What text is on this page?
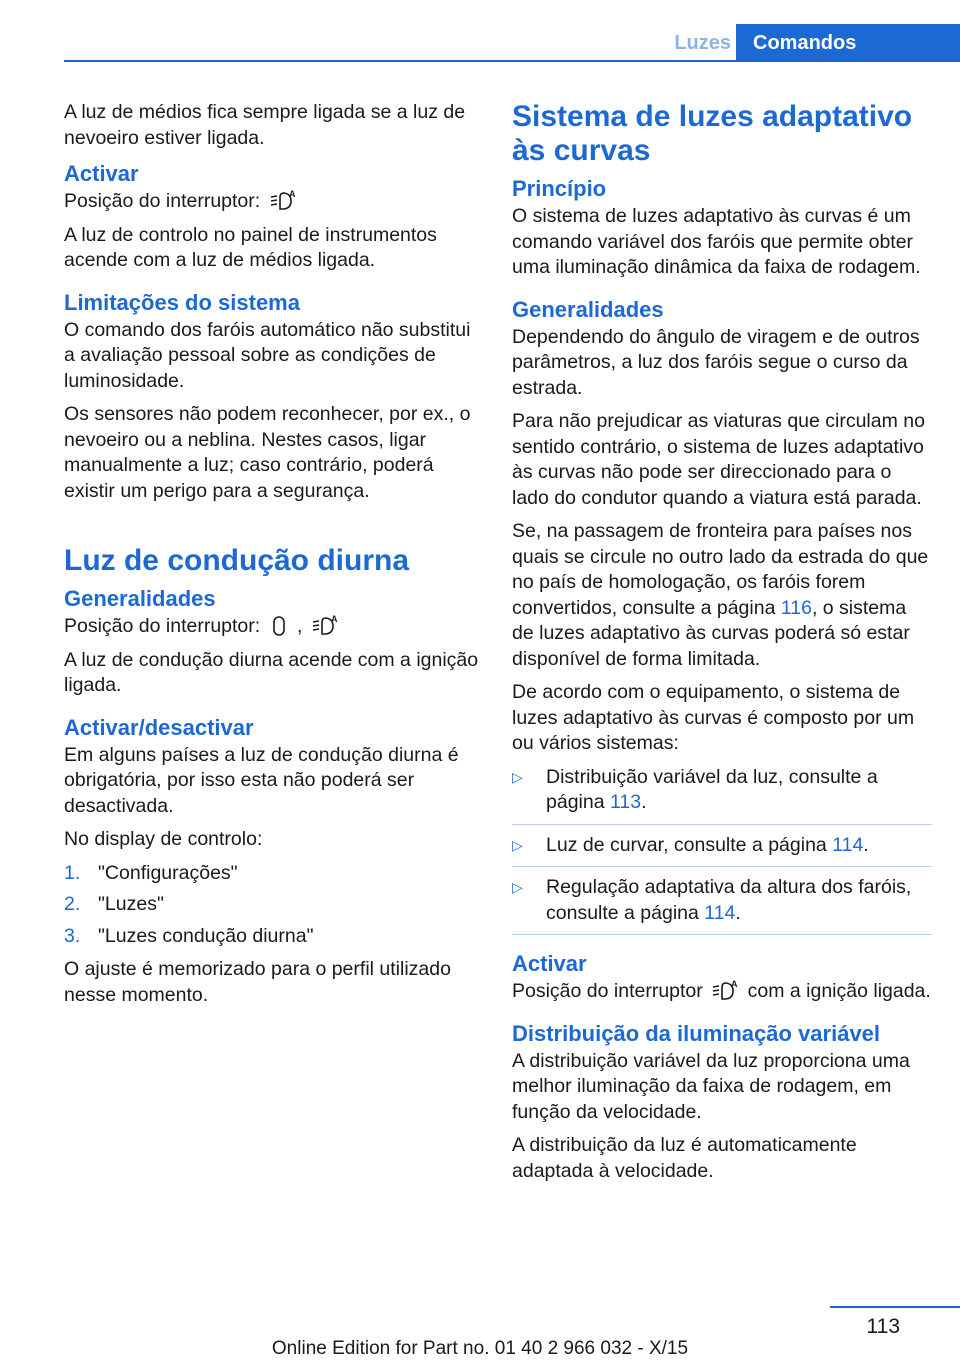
Luzes	Comandos

A luz de médios fica sempre ligada se a luz de nevoeiro estiver ligada.

Activar

Posição do interruptor:	A

A luz de controlo no painel de instrumentos acende com a luz de médios ligada.

Limitações do sistema

O comando dos faróis automático não substitui a avaliação pessoal sobre as condições de luminosidade.

Os sensores não podem reconhecer, por ex., o nevoeiro ou a neblina. Nestes casos, ligar manualmente a luz; caso contrário, poderá existir um perigo para a segurança.

Luz de condução diurna
Generalidades

Posição do interruptor: ,	A

A luz de condução diurna acende com a ignição ligada.

Activar/desactivar

Em alguns países a luz de condução diurna é obrigatória, por isso esta não poderá ser desactivada.

No display de controlo:

1. "Configurações"
2. "Luzes"
3. "Luzes condução diurna"

O ajuste é memorizado para o perfil utilizado nesse momento.

Sistema de luzes adaptativo às curvas
Princípio

O sistema de luzes adaptativo às curvas é um comando variável dos faróis que permite obter uma iluminação dinâmica da faixa de rodagem.

Generalidades

Dependendo do ângulo de viragem e de outros parâmetros, a luz dos faróis segue o curso da estrada.

Para não prejudicar as viaturas que circulam no sentido contrário, o sistema de luzes adaptativo às curvas não pode ser direccionado para o lado do condutor quando a viatura está parada.

Se, na passagem de fronteira para países nos quais se circule no outro lado da estrada do que no país de homologação, os faróis forem convertidos, consulte a página 116, o sistema de luzes adaptativo às curvas poderá só estar disponível de forma limitada.

De acordo com o equipamento, o sistema de luzes adaptativo às curvas é composto por um ou vários sistemas:

▷ Distribuição variável da luz, consulte a página 113.
▷ Luz de curvar, consulte a página 114.
▷ Regulação adaptativa da altura dos faróis, consulte a página 114.
Activar

Posição do interruptor	A com a ignição ligada.

Distribuição da iluminação variável

A distribuição variável da luz proporciona uma melhor iluminação da faixa de rodagem, em função da velocidade.

A distribuição da luz é automaticamente adaptada à velocidade.

113
Online Edition for Part no. 01 40 2 966 032 - X/15
